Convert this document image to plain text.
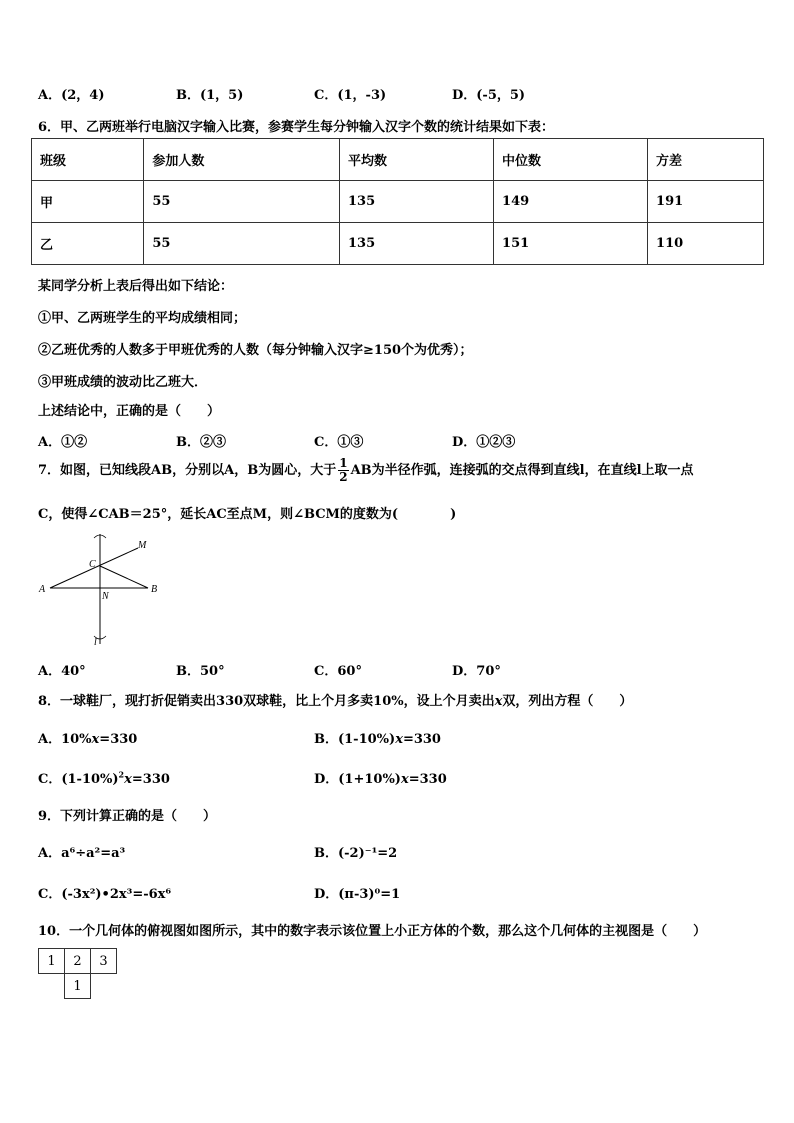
A．(2，4)	B．(1，5)	C．(1，-3)	D．(-5，5)
6．甲、乙两班举行电脑汉字输入比赛，参赛学生每分钟输入汉字个数的统计结果如下表：
班级	参加人数	平均数	中位数	方差
甲	55	135	149	191
乙	55	135	151	110
某同学分析上表后得出如下结论：
①甲、乙两班学生的平均成绩相同；
②乙班优秀的人数多于甲班优秀的人数（每分钟输入汉字≥150个为优秀）；
③甲班成绩的波动比乙班大．
上述结论中，正确的是（　　）
A．①②	B．②③	C．①③	D．①②③
7．如图，已知线段AB，分别以A，B为圆心，大于 $\frac{1}{2}$ AB为半径作弧，连接弧的交点得到直线l，在直线l上取一点
C，使得∠CAB＝25°，延长AC至点M，则∠BCM的度数为(　　　　)
A	B
C
N
M
l
A．40°	B．50°	C．60°	D．70°
8．一球鞋厂，现打折促销卖出330双球鞋，比上个月多卖10%，设上个月卖出x双，列出方程（　　）
A．10%x=330	B．(1-10%)x=330
C．$(1-10\%)^2x=330$	D．(1+10%)x=330
9．下列计算正确的是（　　）
A．a⁶÷a²=a³	B．(-2)⁻¹=2
C．(-3x²)•2x³=-6x⁶	D．(π-3)⁰=1
10．一个几何体的俯视图如图所示，其中的数字表示该位置上小正方体的个数，那么这个几何体的主视图是（　　）
1	2	3
	1	
